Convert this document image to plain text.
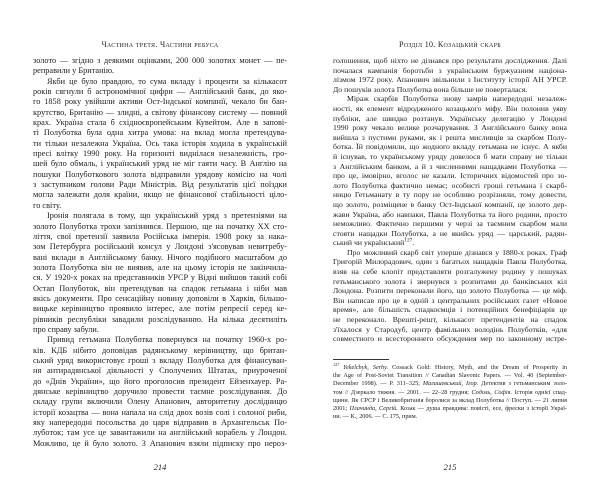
Частина третя. Частини ребуса
золото — згідно з деякими оцінками, 200 000 золотих монет — пе-
реправили у Британію.
Якби це було правдою, то сума вкладу і проценти за кількасот
років сягнули б астрономічної цифри — Англійський банк, до яко-
го 1858 року увійшли активи Ост-Індської компанії, чекало би бан-
крутство, Британію — злидні, а світову фінансову систему — повний
крах. Україна стала б східноєвропейським Кувейтом. Але в запові-
ті Полуботка була одна хитра умова: на вклад могла претендува-
ти тільки незалежна Україна. Ось така історія ходила в українській
пресі влітку 1990 року. На горизонті виднілася незалежність, гро-
шей було обмаль, і український уряд не міг гаяти часу. В Англію на
пошуки Полуботкового золота відправили урядову комісію на чолі
з заступником голови Ради Міністрів. Від результатів цієї поїздки
могла залежати доля країни, якщо не фінансової стабільності ціло-
го світу.
Іронія полягала в тому, що український уряд з претензіями на
золото Полуботка трохи запізнився. Першою, ще на початку XX сто-
ліття, свої претензії заявила Російська імперія. 1908 року за нака-
зом Петербурга російський консул у Лондоні з'ясовував невитребу-
вані вклади в Англійському банку. Нічого подібного масштабом до
золота Полуботка він не виявив, але на цьому історія не закінчила-
ся. У 1920-х роках на представників УРСР у Відні вийшов такий собі
Остап Полуботок, він претендував на спадок гетьмана і ніби мав
якісь документи. Про сенсаційну новину доповіли в Харків, більшо-
вицьке керівництво проявило інтерес, але потім репресії серед ке-
рівників республіки завадили розслідуванню. На кілька десятиліть
про справу забули.
Привид гетьмана Полуботка повернувся на початку 1960-х ро-
ків. КДБ нібито доповідав радянському керівництву, що британ-
ський уряд використовує гроші з вкладу Полуботка для фінансуван-
ня антирадянської діяльності у Сполучених Штатах, приуроченої
до «Днів України», що його проголосив президент Ейзенхауер. Ра-
дянське керівництво доручило провести таємне розслідування. До
складу групи включили Олену Апанович, авторитетну дослідницю
історії козацтва — вона напала на слід двох возів солі і солоної риби,
яку напередодні посольства до царя відправив в Архангельськ По-
луботок; там усе це завантажили на англійський корабель у Лондон.
Можливо, це й було золото. З Апанович взяли підписку про нероз-
214
Розділ 10. Козацький скарб
голошення, щоб ніхто не дізнався про результати дослідження. Далі
почалася кампанія боротьби з українським буржуазним націона-
лізмом 1972 року. Апанович звільнили з Інституту історії АН УРСР.
До пошуків золота Полуботка вона більше не поверталася.
Міраж скарбів Полуботка знову замрів напередодні незалеж-
ності, як елемент відродженого козацького міфу. Він полонив уяву
публіки, але швидко розтанув. Українську делегацію у Лондоні
1990 року чекало велике розчарування. З Англійського банку вона
вийшла з пустими руками, як і решта мисливців за скарбом Полу-
ботка. Їй повідомили, що жодного вкладу гетьмана не існує. А якби
й існував, то українському уряду довелося б мати справу не тільки
з Англійським банком, а й з численними нащадками Полуботка —
про це, імовірно, вголос не казали. Історичних відомостей про зо-
лото Полуботка фактично немає; особисті гроші гетьмана і скарб-
ницю Гетьманату в ту пору не особливо розрізняли, тому довести,
що золото, розміщене в банку Ост-Індської компанії, це золото дер-
жави Україна, або навпаки, Павла Полуботка та його родини, просто
неможливо. Фактично першими у черзі за таємним скарбом мали
стояти нащадки Полуботка, а не якийсь уряд — царський, радян-
ський чи український$^{127}$.
Про можливий скарб світ уперше дізнався у 1880-х роках. Граф
Григорій Милорадович, один з багатьох нащадків Павла Полуботка,
взяв на себе клопіт представляти розгалужену родину у пошуках
гетьманського золота і звернувся з розпитами до банківських кіл
Лондона. Розпити переконали його, що золото Полуботка — це міф.
Він написав про це в одній з центральних російських газет «Новое
время», але більшість спадкоємців і потенційних бенефіціарів це
не переконало. Врешті-решт, кількасот претендентів на спадок
з'їхалося у Стародуб, центр фамільних володінь Полуботків, «для
совместного и всестороннего обсуждения мер по законному истре-
$^{127}$ Yekelchyk, Serhy. Cossack Gold: History, Myth, and the Dream of Prosperity in
the Age of Post-Soviet Transition // Canadian Slavonic Papers. — Vol. 40 (September-
December 1998). — P. 311–325; Малишевський, Ігор. Детектив з гетьманським золо-
том // Дзеркало тижня. — 2001. — 22–28 грудня; Содоль, Софія. Історія однієї спад-
щини. Як СРСР і Великобританія боролися за вклад Полуботка // Поступ. — 21 липня
2001; Плачинда, Сергій. Козак — душа правдива: повісті, есе, фрески з історії Украї-
ни. — К., 2006. — С. 175, прим.
215
